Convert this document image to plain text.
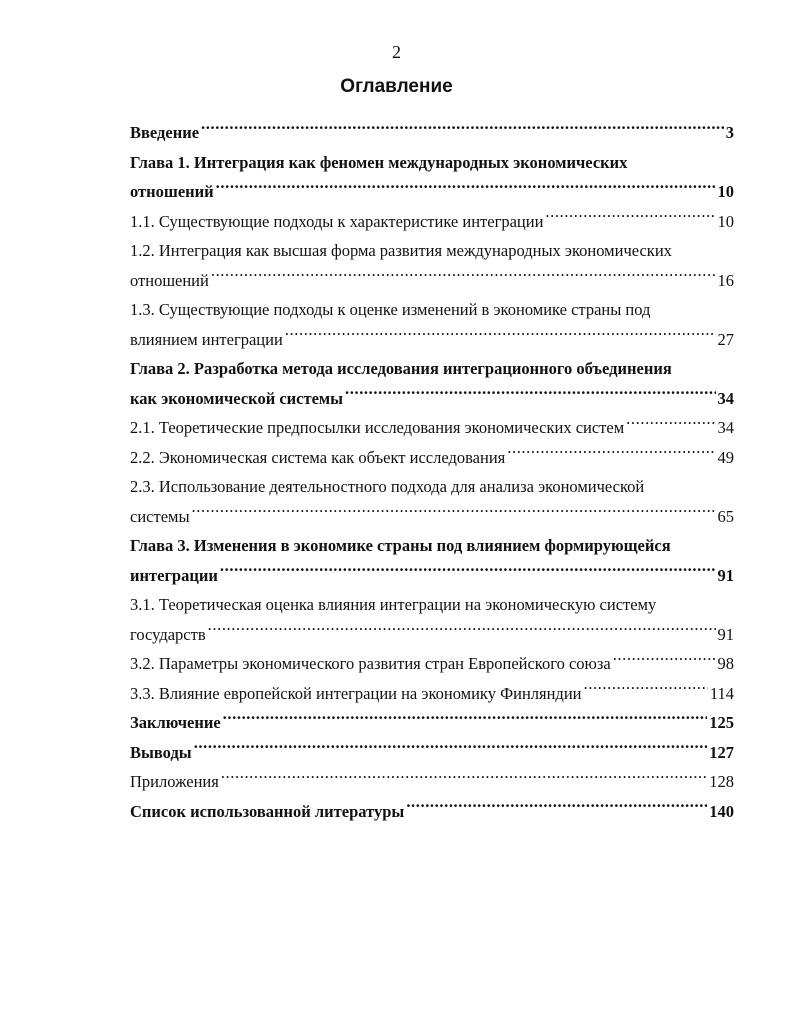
2
Оглавление
Введение .....	3
Глава 1. Интеграция как феномен международных экономических
отношений .....	10
1.1. Существующие подходы к характеристике интеграции .....	10
1.2. Интеграция как высшая форма развития международных экономических
отношений .....	16
1.3. Существующие подходы к оценке изменений в экономике страны под
влиянием интеграции .....	27
Глава 2. Разработка метода исследования интеграционного объединения
как экономической системы .....	34
2.1. Теоретические предпосылки исследования экономических систем .....	34
2.2. Экономическая система как объект исследования .....	49
2.3. Использование деятельностного подхода для анализа экономической
системы .....	65
Глава 3. Изменения в экономике страны под влиянием формирующейся
интеграции .....	91
3.1. Теоретическая оценка влияния интеграции на экономическую систему
государств .....	91
3.2. Параметры экономического развития стран Европейского союза .....	98
3.3. Влияние европейской интеграции на экономику Финляндии .....	114
Заключение .....	125
Выводы .....	127
Приложения .....	128
Список использованной литературы .....	140
